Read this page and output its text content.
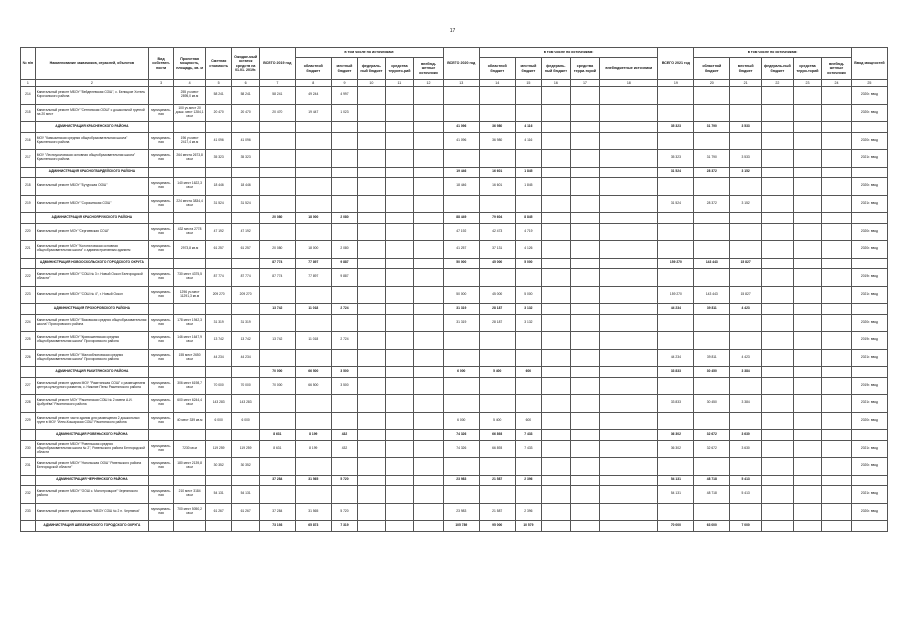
17
№ п/п	Наименование заказчиков, отраслей, объектов	Вид собствен-ности	Проектная мощность, площадь, кв. м	Сметная стоимость	Ожидае-мый остаток средств на 01.01. 2019г.	ВСЕГО 2019 год	в том числе по источникам:					ВСЕГО 2020 год	в том числе по источникам:					ВСЕГО 2021 год	в том числе по источникам:					Ввод мощностей
							областной бюджет	местный бюджет	федераль-ный бюджет	средства террито-рий	внебюд-жетные источники		областной бюджет	местный бюджет	федераль-ный бюджет	средства терри-торий	внебюджетные источники		областной бюджет	местный бюджет	федераль-ный бюджет	средства терри-торий	внебюд-жетные источники	
1	2	3	4	5	6	7	8	9	10	11	12	13	14	15	16	17	18	19	20	21	22	23	24	25
214	Капитальный ремонт МБОУ "Вейделевская СОШ", с. Белицкое Хотель Корочанского района		255 уч.мест 2895,0 кв.м	58 241	58 241	58 241	49 244	4 997																2020г. ввод
215	Капитальный ремонт МБОУ "Сетнянская ООШ" с дошкольной группой на 20 мест	муниципаль-ная	100 уч.мест 20 дошк. мест 1284,1 кв.м	20 470	20 470	20 470	19 447	1 023																2020г. ввод
	АДМИНИСТРАЦИЯ КРАСНЕНСКОГО РАЙОНА											41 096	36 980	4 116				35 323	31 790	3 533				
216	МОУ "Камызинская средняя общеобразовательная школа" Красненского района	муниципаль-ная	196 уч.мест 2417,4 кв.м	41 096	41 096							41 096	36 980	4 116										2020г. ввод
217	МОУ "Лесноуколовская основная общеобразовательная школа" Красненского района	муниципаль-ная	264 места 2673,8 кв.м	35 323	35 323													35 323	31 790	3 533				2021г. ввод
	АДМИНИСТРАЦИЯ КРАСНОГВАРДЕЙСКОГО РАЙОНА											19 446	16 601	1 845				31 524	28 372	3 152				
218	Капитальный ремонт МБОУ "Бутурская ООШ"	муниципаль-ная	140 мест 1622,3 кв.м	18 446	18 446							18 446	16 601	1 845										2020г. ввод
219	Капитальный ремонт МБОУ "Сорокинская СОШ"	муниципаль-ная	224 места 3834,4 кв.м	31 524	31 524													31 524	28 372	3 152				2021г. ввод
	АДМИНИСТРАЦИЯ КРАСНОЯРУЖСКОГО РАЙОНА					20 080	18 000	2 080				88 449	79 604	8 845										
220	Капитальный ремонт МОУ "Сергиевская СОШ"	муниципаль-ная	432 места 2778 кв.м	47 192	47 192							47 192	42 473	4 719										2020г. ввод
221	Капитальный ремонт МОУ "Колотиловская основная общеобразовательная школа" с административным зданием	муниципаль-ная	2973,8 кв.м	61 257	61 257	20 080	18 000	2 080				41 257	37 131	4 126										2020г. ввод
	АДМИНИСТРАЦИЯ НОВООСКОЛЬСКОГО ГОРОДСКОГО ОКРУГА					87 774	77 897	9 887				50 000	45 000	5 000				159 270	143 443	15 827				
222	Капитальный ремонт МБОУ "СОШ № 3 г. Новый Оскол Белгородской области"	муниципаль-ная	730 мест 4375,5 кв.м	87 774	87 774	87 774	77 897	9 887																2019г. ввод
223	Капитальный ремонт МБОУ "СОШ № 4", г. Новый Оскол	муниципаль-ная	1296 уч.мест 11291,3 кв.м	209 270	209 270							50 000	45 000	5 000				159 270	143 443	15 827				2021г. ввод
	АДМИНИСТРАЦИЯ ПРОХОРОВСКОГО РАЙОНА					13 742	11 018	2 724				31 319	28 187	3 132				44 234	39 811	4 423				
224	Капитальный ремонт МБОУ "Вязовская средняя общеобразовательная школа" Прохоровского района	муниципаль-ная	178 мест 1942,3 кв.м	31 319	31 319							31 319	28 187	3 132										2020г. ввод
225	Капитальный ремонт МБОУ "Кривошеевская средняя общеобразовательная школа" Прохоровского района	муниципаль-ная	146 мест 1647,9 кв.м	13 742	13 742	13 742	11 018	2 724																2019г. ввод
226	Капитальный ремонт МБОУ "Малояблоновская средняя общеобразовательная школа" Прохоровского района	муниципаль-ная	155 мест 2650 кв.м	44 234	44 234													44 234	39 811	4 423				2021г. ввод
	АДМИНИСТРАЦИЯ РАКИТЯНСКОГО РАЙОНА					70 000	66 500	3 500				6 000	5 400	600				33 833	30 450	3 384				
227	Капитальный ремонт здания МОУ "Ракитянская СОШ" с размещением центра культурного развития, с. Нижние Пены Ракитянского района	муниципаль-ная	306 мест 6198,7 кв.м	70 000	70 000	70 000	66 500	3 500																2019г. ввод
228	Капитальный ремонт МОУ "Ракитянская СОШ № 2 имени А.И. Цыбулёва" Ракитянского района	муниципаль-ная	600 мест 6244,4 кв.м	143 283	143 283													33 833	30 450	3 384				2021г. ввод
229	Капитальный ремонт части здания для размещения 2 дошкольных групп в МОУ "Илек-Кошарская СОШ" Ракитянского района	муниципаль-ная	40 мест 339 кв.м	6 000	6 000							6 000	5 400	600										2020г. ввод
	АДМИНИСТРАЦИЯ РОВЕНЬСКОГО РАЙОНА					8 631	8 199	432				74 326	66 893	7 433				36 302	32 672	3 630				
230	Капитальный ремонт МБОУ "Ровеньская средняя общеобразовательная школа № 2", Ровеньского района Белгородской области	муниципаль-ная	7230 кв.м	119 259	119 259	8 631	8 199	432				74 326	66 893	7 433				36 302	32 672	3 630				2021г. ввод
231	Капитальный ремонт МБОУ "Нагольская ООШ" Ровеньского района Белгородской области"	муниципаль-ная	180 мест 2139,8 кв.м	30 352	30 352																			2020г. ввод
	АДМИНИСТРАЦИЯ ЧЕРНЯНСКОГО РАЙОНА					37 284	31 565	5 720				23 983	21 587	2 396				54 131	48 718	5 413				
232	Капитальный ремонт МБОУ "ООШ с. Малотроицкое" Чернянского района	муниципаль-ная	210 мест 3184 кв.м	54 131	54 131													54 131	48 718	5 413				2021г. ввод
233	Капитальный ремонт здания школы "МБОУ СОШ № 2 п. Чернянка"	муниципаль-ная	700 мест 5050,2 кв.м	61 267	61 267	37 284	31 565	5 720				23 983	21 587	2 396										2020г. ввод
	АДМИНИСТРАЦИЯ ШЕБЕКИНСКОГО ГОРОДСКОГО ОКРУГА					73 193	65 873	7 319				105 789	95 000	10 579				70 000	63 000	7 000				
